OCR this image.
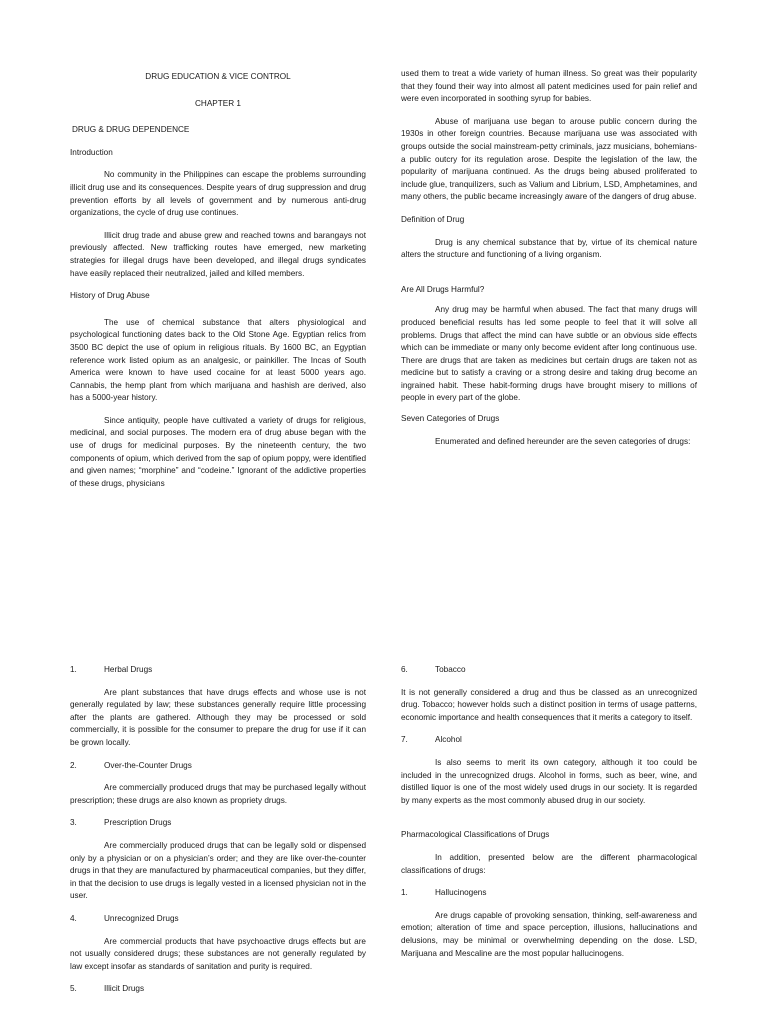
DRUG EDUCATION & VICE CONTROL

CHAPTER 1

DRUG & DRUG DEPENDENCE

Introduction

No community in the Philippines can escape the problems surrounding illicit drug use and its consequences. Despite years of drug suppression and drug prevention efforts by all levels of government and by numerous anti-drug organizations, the cycle of drug use continues.

Illicit drug trade and abuse grew and reached towns and barangays not previously affected. New trafficking routes have emerged, new marketing strategies for illegal drugs have been developed, and illegal drugs syndicates have easily replaced their neutralized, jailed and killed members.

History of Drug Abuse

The use of chemical substance that alters physiological and psychological functioning dates back to the Old Stone Age. Egyptian relics from 3500 BC depict the use of opium in religious rituals. By 1600 BC, an Egyptian reference work listed opium as an analgesic, or painkiller. The Incas of South America were known to have used cocaine for at least 5000 years ago. Cannabis, the hemp plant from which marijuana and hashish are derived, also has a 5000-year history.

Since antiquity, people have cultivated a variety of drugs for religious, medicinal, and social purposes. The modern era of drug abuse began with the use of drugs for medicinal purposes. By the nineteenth century, the two components of opium, which derived from the sap of opium poppy, were identified and given names; “morphine” and “codeine.” Ignorant of the addictive properties of these drugs, physicians

used them to treat a wide variety of human illness. So great was their popularity that they found their way into almost all patent medicines used for pain relief and were even incorporated in soothing syrup for babies.

Abuse of marijuana use began to arouse public concern during the 1930s in other foreign countries. Because marijuana use was associated with groups outside the social mainstream-petty criminals, jazz musicians, bohemians-a public outcry for its regulation arose. Despite the legislation of the law, the popularity of marijuana continued. As the drugs being abused proliferated to include glue, tranquilizers, such as Valium and Librium, LSD, Amphetamines, and many others, the public became increasingly aware of the dangers of drug abuse.

Definition of Drug

Drug is any chemical substance that by, virtue of its chemical nature alters the structure and functioning of a living organism.

Are All Drugs Harmful?

Any drug may be harmful when abused. The fact that many drugs will produced beneficial results has led some people to feel that it will solve all problems. Drugs that affect the mind can have subtle or an obvious side effects which can be immediate or many only become evident after long continuous use. There are drugs that are taken as medicines but certain drugs are taken not as medicine but to satisfy a craving or a strong desire and taking drug become an ingrained habit. These habit-forming drugs have brought misery to millions of people in every part of the globe.

Seven Categories of Drugs

Enumerated and defined hereunder are the seven categories of drugs:

1.	Herbal Drugs

Are plant substances that have drugs effects and whose use is not generally regulated by law; these substances generally require little processing after the plants are gathered. Although they may be processed or sold commercially, it is possible for the consumer to prepare the drug for use if it can be grown locally.

2.	Over-the-Counter Drugs

Are commercially produced drugs that may be purchased legally without prescription; these drugs are also known as propriety drugs.

3.	Prescription Drugs

Are commercially produced drugs that can be legally sold or dispensed only by a physician or on a physician’s order; and they are like over-the-counter drugs in that they are manufactured by pharmaceutical companies, but they differ, in that the decision to use drugs is legally vested in a licensed physician not in the user.

4.	Unrecognized Drugs

Are commercial products that have psychoactive drugs effects but are not usually considered drugs; these substances are not generally regulated by law except insofar as standards of sanitation and purity is required.

5.	Illicit Drugs
6.	Tobacco

It is not generally considered a drug and thus be classed as an unrecognized drug. Tobacco; however holds such a distinct position in terms of usage patterns, economic importance and health consequences that it merits a category to itself.

7.	Alcohol

Is also seems to merit its own category, although it too could be included in the unrecognized drugs. Alcohol in forms, such as beer, wine, and distilled liquor is one of the most widely used drugs in our society. It is regarded by many experts as the most commonly abused drug in our society.

Pharmacological Classifications of Drugs

In addition, presented below are the different pharmacological classifications of drugs:

1.	Hallucinogens

Are drugs capable of provoking sensation, thinking, self-awareness and emotion; alteration of time and space perception, illusions, hallucinations and delusions, may be minimal or overwhelming depending on the dose. LSD, Marijuana and Mescaline are the most popular hallucinogens.
